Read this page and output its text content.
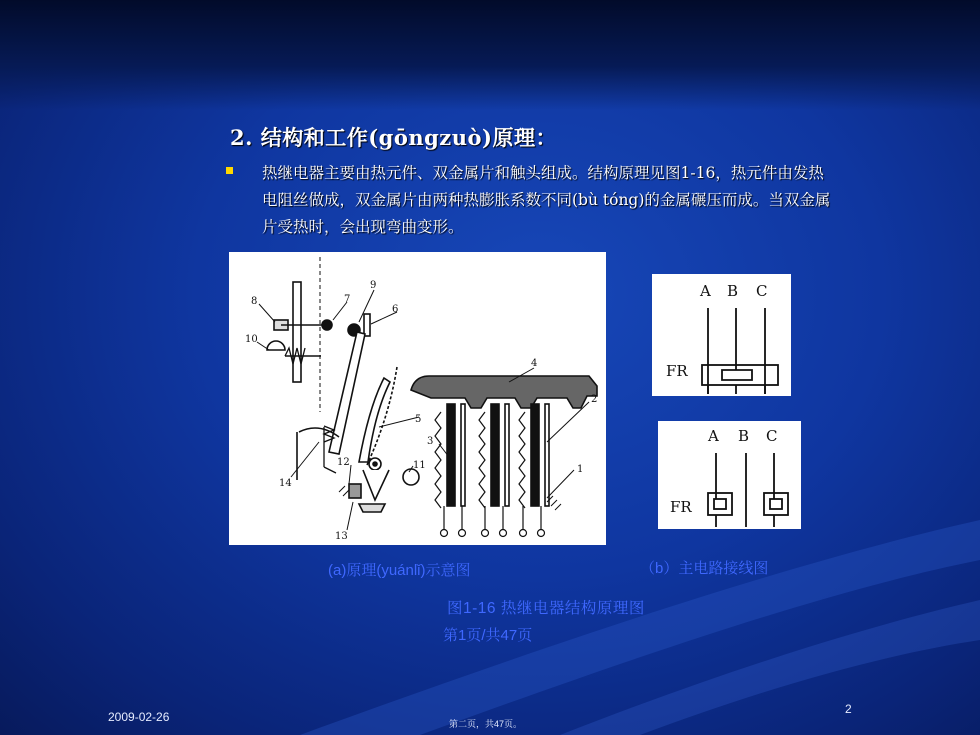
2. 结构和工作(gōngzuò)原理：

热继电器主要由热元件、双金属片和触头组成。结构原理见图1-16，热元件由发热电阻丝做成，双金属片由两种热膨胀系数不同(bù tóng)的金属碾压而成。当双金属片受热时，会出现弯曲变形。

1
2
3
4
5
6
7
8
9
10
11
12
13
14
A B C
FR
A B C
FR

(a)原理(yuánlǐ)示意图	（b）主电路接线图

图1-16 热继电器结构原理图

第1页/共47页

2009-02-26

2

第二页，共47页。
